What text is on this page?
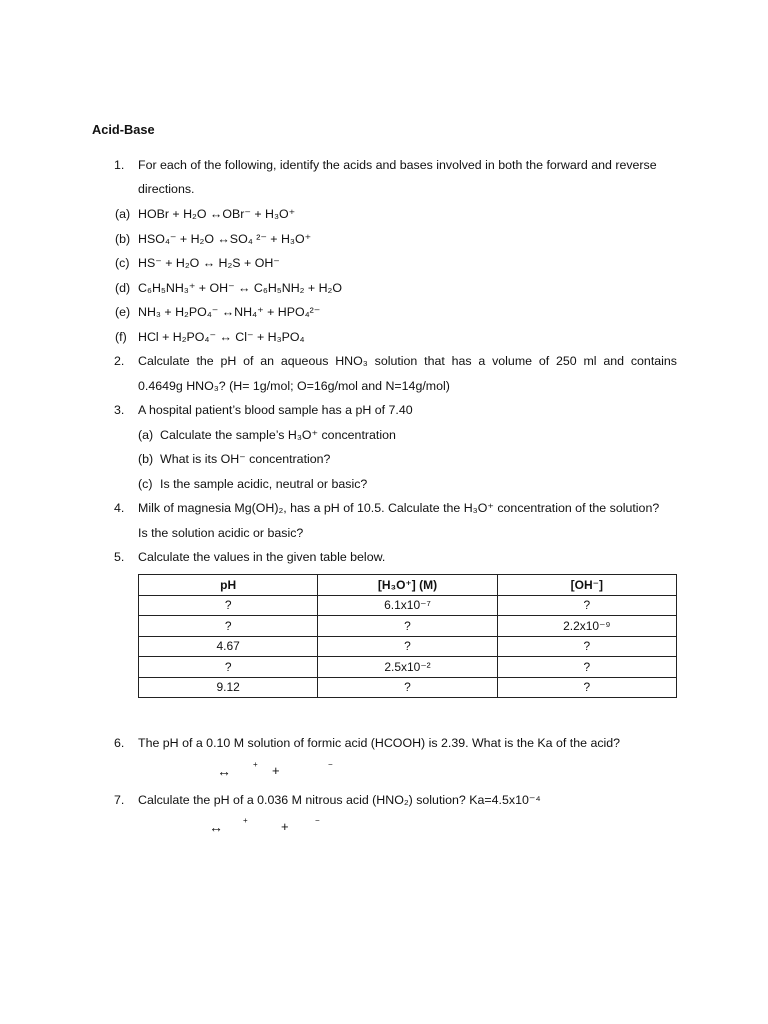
Acid-Base
1. For each of the following, identify the acids and bases involved in both the forward and reverse
directions.
(a) HOBr + H₂O ↔OBr⁻ + H₃O⁺
(b) HSO₄⁻ + H₂O ↔SO₄ ²⁻ + H₃O⁺
(c) HS⁻ + H₂O ↔ H₂S + OH⁻
(d) C₆H₅NH₃⁺ + OH⁻ ↔ C₆H₅NH₂ + H₂O
(e) NH₃ + H₂PO₄⁻ ↔NH₄⁺ + HPO₄²⁻
(f) HCl + H₂PO₄⁻ ↔ Cl⁻ + H₃PO₄
2. Calculate the pH of an aqueous HNO₃ solution that has a volume of 250 ml and contains
0.4649g HNO₃? (H= 1g/mol; O=16g/mol and N=14g/mol)
3. A hospital patient’s blood sample has a pH of 7.40
(a) Calculate the sample’s H₃O⁺ concentration
(b) What is its OH⁻ concentration?
(c) Is the sample acidic, neutral or basic?
4. Milk of magnesia Mg(OH)₂, has a pH of 10.5. Calculate the H₃O⁺ concentration of the solution?
Is the solution acidic or basic?
5. Calculate the values in the given table below.
pH	[H₃O⁺] (M)	[OH⁻]
?	6.1x10⁻⁷	?
?	?	2.2x10⁻⁹
4.67	?	?
?	2.5x10⁻²	?
9.12	?	?
6. The pH of a 0.10 M solution of formic acid (HCOOH) is 2.39. What is the Ka of the acid?
↔	+ +	−
7. Calculate the pH of a 0.036 M nitrous acid (HNO₂) solution? Ka=4.5x10⁻⁴
↔	+	+	−
